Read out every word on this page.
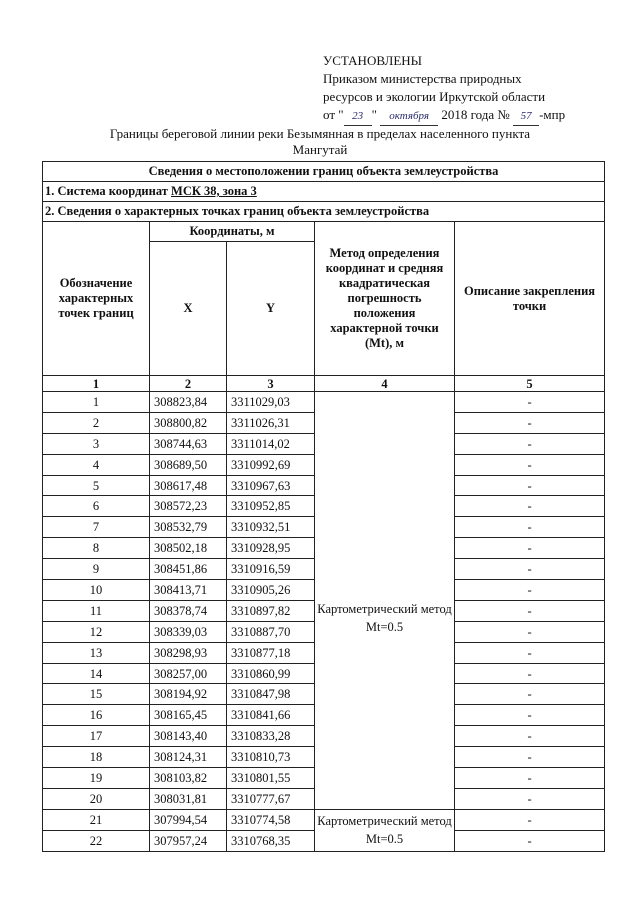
УСТАНОВЛЕНЫ
Приказом министерства природных
ресурсов и экологии Иркутской области
от " 23 " октября 2018 года № 57 -мпр
Границы береговой линии реки Безымянная в пределах населенного пункта
Мангутай
Сведения о местоположении границ объекта землеустройства				
1. Система координат МСК 38, зона 3				
2. Сведения о характерных точках границ объекта землеустройства				
Обозначение характерных точек границ	Координаты, м		Метод определения координат и средняя квадратическая погрешность положения характерной точки (Mt), м	Описание закрепления точки
	X	Y		
1	2	3	4	5
1	308823,84	3311029,03	Картометрический метод Mt=0.5	-
2	308800,82	3311026,31		-
3	308744,63	3311014,02		-
4	308689,50	3310992,69		-
5	308617,48	3310967,63		-
6	308572,23	3310952,85		-
7	308532,79	3310932,51		-
8	308502,18	3310928,95		-
9	308451,86	3310916,59		-
10	308413,71	3310905,26		-
11	308378,74	3310897,82		-
12	308339,03	3310887,70		-
13	308298,93	3310877,18		-
14	308257,00	3310860,99		-
15	308194,92	3310847,98		-
16	308165,45	3310841,66		-
17	308143,40	3310833,28		-
18	308124,31	3310810,73		-
19	308103,82	3310801,55		-
20	308031,81	3310777,67		-
21	307994,54	3310774,58	Картометрический метод Mt=0.5	-
22	307957,24	3310768,35		-
